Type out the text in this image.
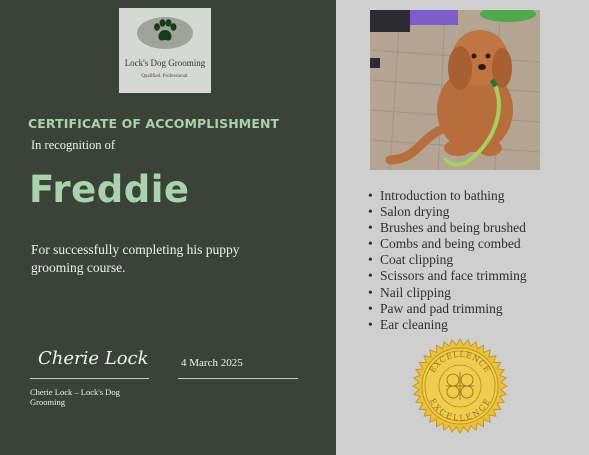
Lock's Dog Grooming
Qualified. Professional.
CERTIFICATE OF ACCOMPLISHMENT
In recognition of
Freddie
For successfully completing his puppy grooming course.
Cherie Lock	4 March 2025
Cherie Lock – Lock's Dog Grooming
• Introduction to bathing
• Salon drying
• Brushes and being brushed
• Combs and being combed
• Coat clipping
• Scissors and face trimming
• Nail clipping
• Paw and pad trimming
• Ear cleaning
EXCELLENCE
EXCELLENCE
